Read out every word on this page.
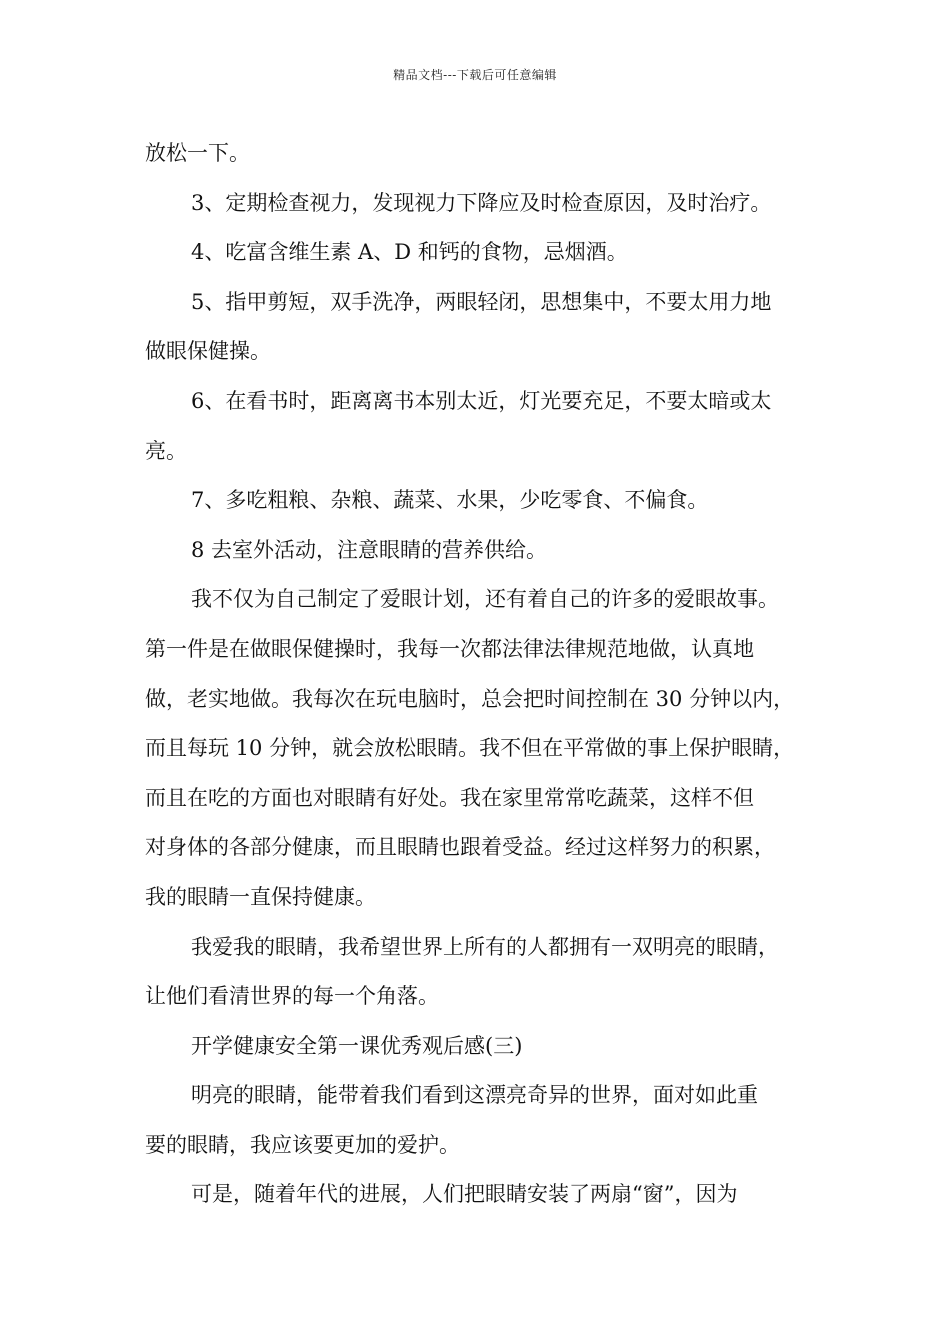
精品文档---下载后可任意编辑
放松一下。
3、定期检查视力，发现视力下降应及时检查原因，及时治疗。
4、吃富含维生素 A、D 和钙的食物，忌烟酒。
5、指甲剪短，双手洗净，两眼轻闭，思想集中，不要太用力地
做眼保健操。
6、在看书时，距离离书本别太近，灯光要充足，不要太暗或太
亮。
7、多吃粗粮、杂粮、蔬菜、水果，少吃零食、不偏食。
8 去室外活动，注意眼睛的营养供给。
我不仅为自己制定了爱眼计划，还有着自己的许多的爱眼故事。
第一件是在做眼保健操时，我每一次都法律法律规范地做，认真地
做，老实地做。我每次在玩电脑时，总会把时间控制在 30 分钟以内，
而且每玩 10 分钟，就会放松眼睛。我不但在平常做的事上保护眼睛，
而且在吃的方面也对眼睛有好处。我在家里常常吃蔬菜，这样不但
对身体的各部分健康，而且眼睛也跟着受益。经过这样努力的积累，
我的眼睛一直保持健康。
我爱我的眼睛，我希望世界上所有的人都拥有一双明亮的眼睛，
让他们看清世界的每一个角落。
开学健康安全第一课优秀观后感(三)
明亮的眼睛，能带着我们看到这漂亮奇异的世界，面对如此重
要的眼睛，我应该要更加的爱护。
可是，随着年代的进展，人们把眼睛安装了两扇“窗”，因为
